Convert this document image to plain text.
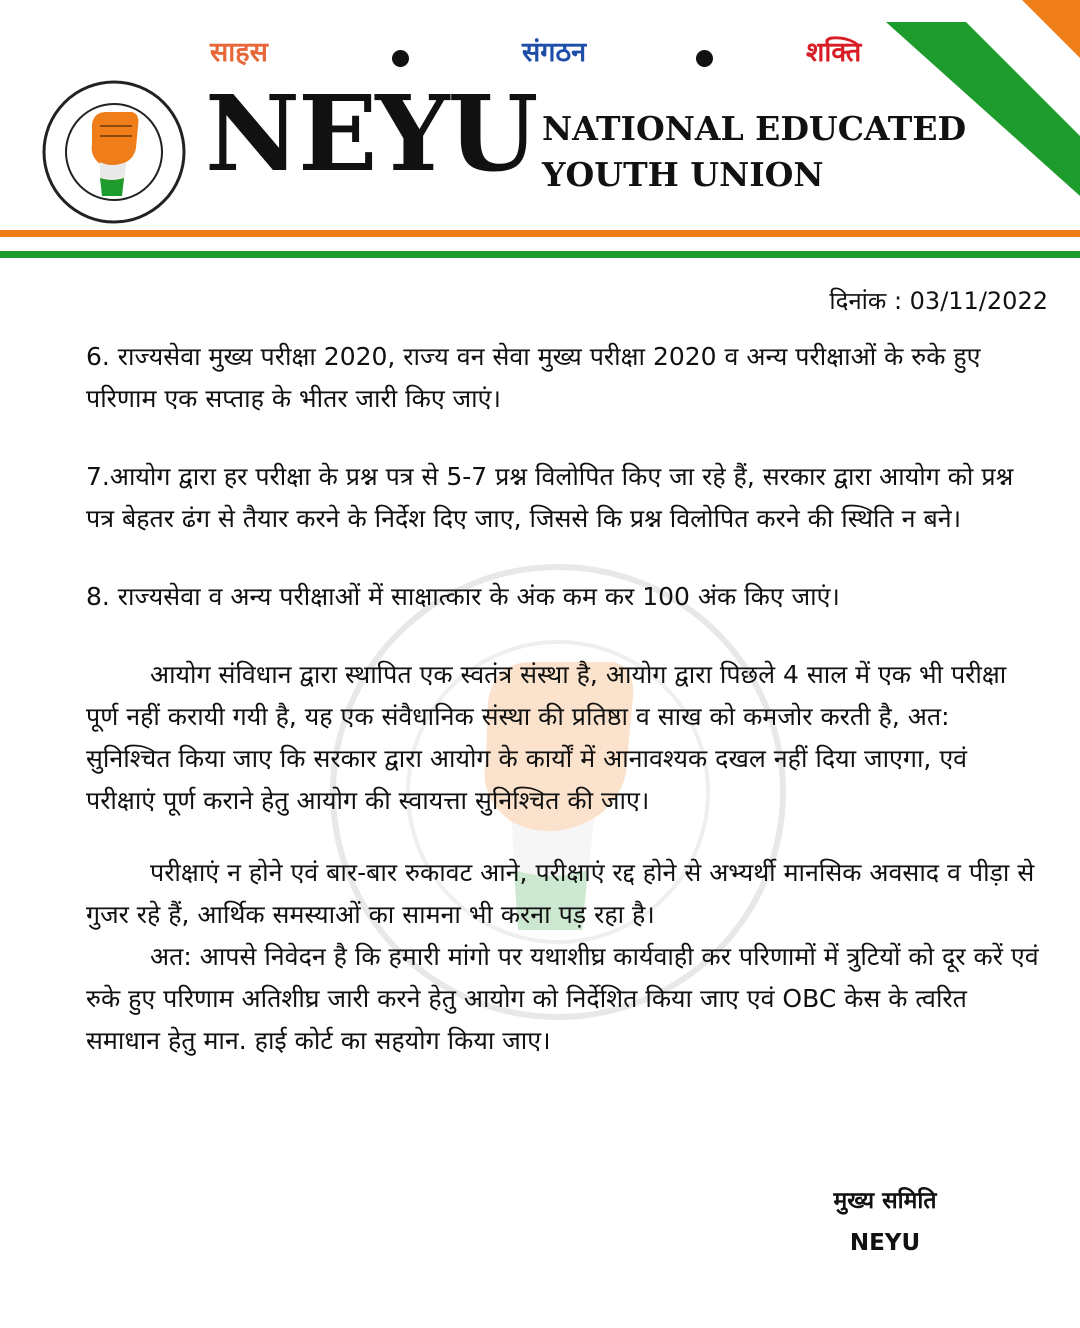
साहस	संगठन	शक्ति
NEYU NATIONAL EDUCATED
YOUTH UNION
दिनांक : 03/11/2022

6. राज्यसेवा मुख्य परीक्षा 2020, राज्य वन सेवा मुख्य परीक्षा 2020 व अन्य परीक्षाओं के रुके हुए परिणाम एक सप्ताह के भीतर जारी किए जाएं।

7.आयोग द्वारा हर परीक्षा के प्रश्न पत्र से 5-7 प्रश्न विलोपित किए जा रहे हैं, सरकार द्वारा आयोग को प्रश्न पत्र बेहतर ढंग से तैयार करने के निर्देश दिए जाए, जिससे कि प्रश्न विलोपित करने की स्थिति न बने।

8. राज्यसेवा व अन्य परीक्षाओं में साक्षात्कार के अंक कम कर 100 अंक किए जाएं।

आयोग संविधान द्वारा स्थापित एक स्वतंत्र संस्था है, आयोग द्वारा पिछले 4 साल में एक भी परीक्षा पूर्ण नहीं करायी गयी है, यह एक संवैधानिक संस्था की प्रतिष्ठा व साख को कमजोर करती है, अत: सुनिश्चित किया जाए कि सरकार द्वारा आयोग के कार्यों में आनावश्यक दखल नहीं दिया जाएगा, एवं परीक्षाएं पूर्ण कराने हेतु आयोग की स्वायत्ता सुनिश्चित की जाए।

परीक्षाएं न होने एवं बार-बार रुकावट आने, परीक्षाएं रद्द होने से अभ्यर्थी मानसिक अवसाद व पीड़ा से गुजर रहे हैं, आर्थिक समस्याओं का सामना भी करना पड़ रहा है।

अत: आपसे निवेदन है कि हमारी मांगो पर यथाशीघ्र कार्यवाही कर परिणामों में त्रुटियों को दूर करें एवं रुके हुए परिणाम अतिशीघ्र जारी करने हेतु आयोग को निर्देशित किया जाए एवं OBC केस के त्वरित समाधान हेतु मान. हाई कोर्ट का सहयोग किया जाए।

मुख्य समिति
NEYU
